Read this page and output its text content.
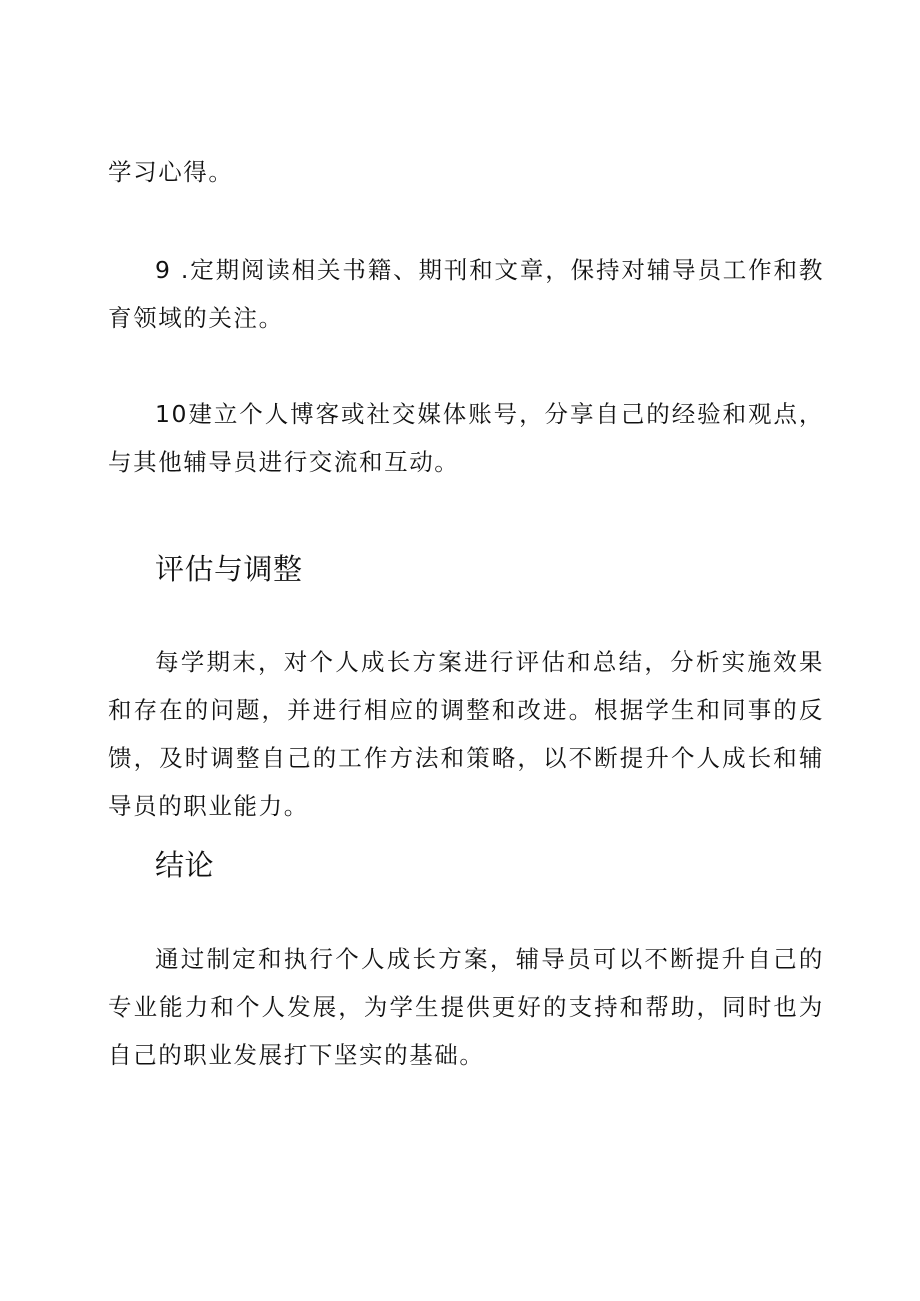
学习心得。

9 .定期阅读相关书籍、期刊和文章，保持对辅导员工作和教育领域的关注。

10建立个人博客或社交媒体账号，分享自己的经验和观点，与其他辅导员进行交流和互动。

评估与调整

每学期末，对个人成长方案进行评估和总结，分析实施效果和存在的问题，并进行相应的调整和改进。根据学生和同事的反馈，及时调整自己的工作方法和策略，以不断提升个人成长和辅导员的职业能力。

结论

通过制定和执行个人成长方案，辅导员可以不断提升自己的专业能力和个人发展，为学生提供更好的支持和帮助，同时也为自己的职业发展打下坚实的基础。
